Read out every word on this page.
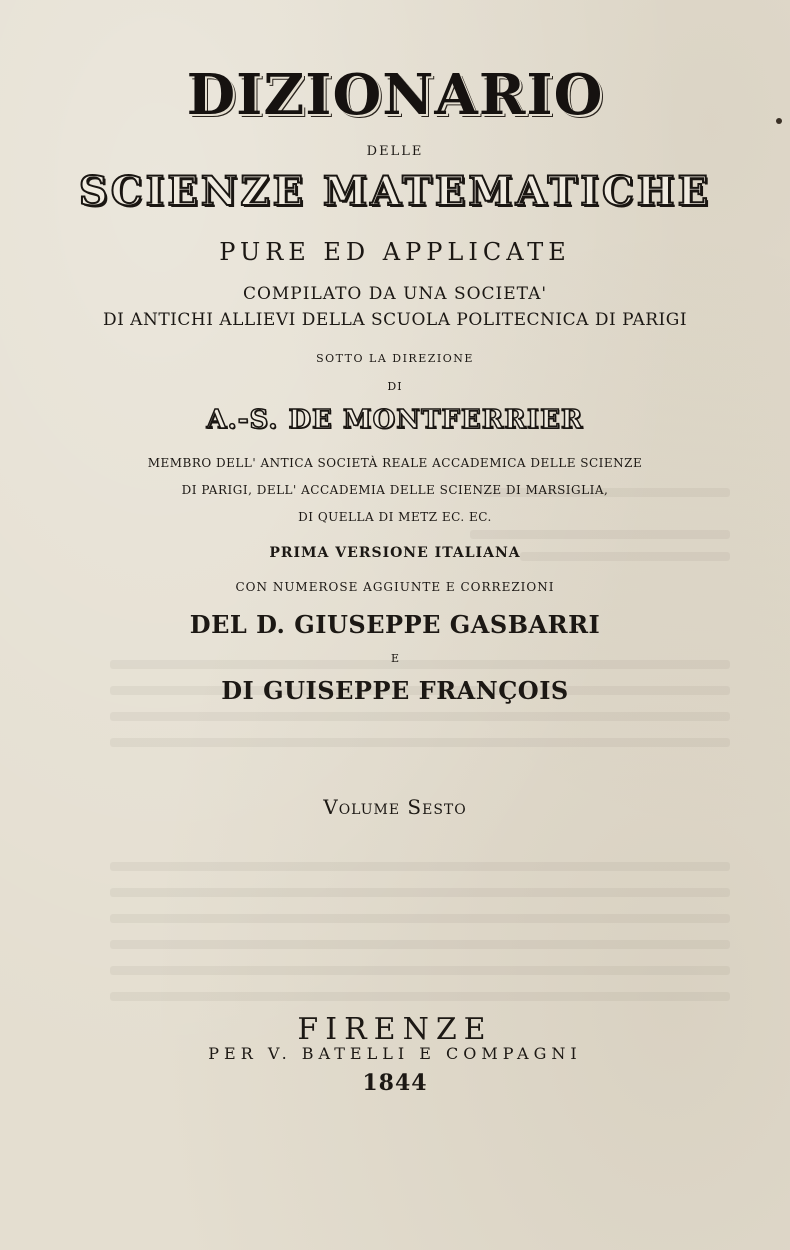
DIZIONARIO
DELLE
SCIENZE MATEMATICHE
PURE ED APPLICATE
COMPILATO DA UNA SOCIETA'
DI ANTICHI ALLIEVI DELLA SCUOLA POLITECNICA DI PARIGI
SOTTO LA DIREZIONE
DI
A.-S. DE MONTFERRIER
MEMBRO DELL' ANTICA SOCIETÀ REALE ACCADEMICA DELLE SCIENZE
DI PARIGI, DELL' ACCADEMIA DELLE SCIENZE DI MARSIGLIA,
DI QUELLA DI METZ EC. EC.
PRIMA VERSIONE ITALIANA
CON NUMEROSE AGGIUNTE E CORREZIONI
DEL D. GIUSEPPE GASBARRI
E
DI GUISEPPE FRANÇOIS
Volume Sesto
FIRENZE
PER V. BATELLI E COMPAGNI
1844
